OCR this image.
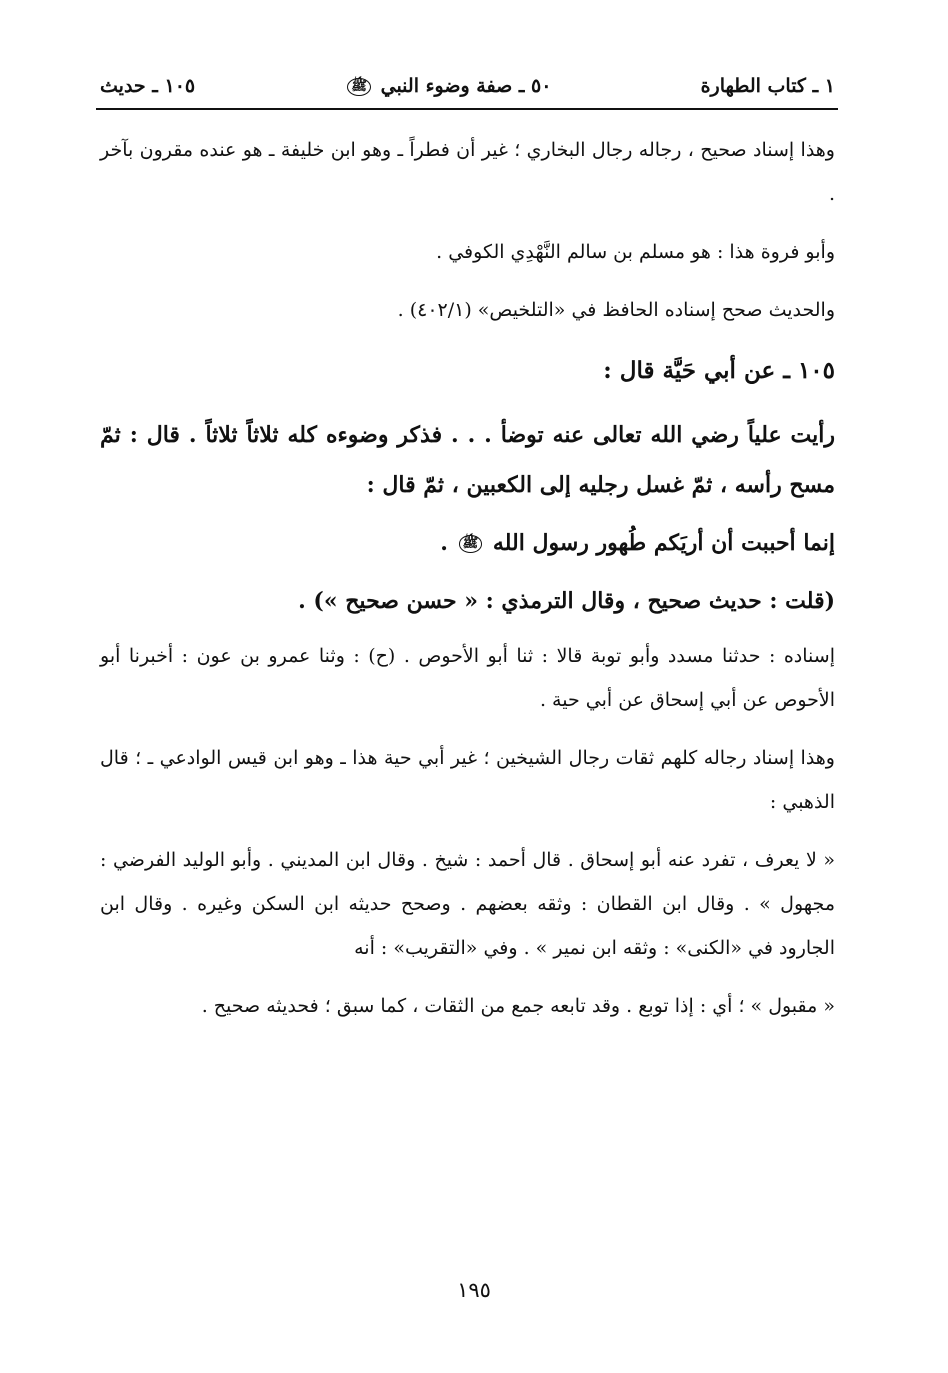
١ ـ كتاب الطهارة
٥٠ ـ صفة وضوء النبي ﷺ
١٠٥ ـ حديث

وهذا إسناد صحيح ، رجاله رجال البخاري ؛ غير أن فطراً ـ وهو ابن خليفة ـ هو عنده مقرون بآخر .

وأبو فروة هذا : هو مسلم بن سالم النَّهْدِي الكوفي .

والحديث صحح إسناده الحافظ في «التلخيص» (٤٠٢/١) .

١٠٥ ـ عن أبي حَيَّة قال :

رأيت علياً رضي الله تعالى عنه توضأ . . . فذكر وضوءه كله ثلاثاً ثلاثاً . قال : ثمّ مسح رأسه ، ثمّ غسل رجليه إلى الكعبين ، ثمّ قال :

إنما أحببت أن أريَكم طُهور رسول الله ﷺ .

(قلت : حديث صحيح ، وقال الترمذي : « حسن صحيح ») .

إسناده : حدثنا مسدد وأبو توبة قالا : ثنا أبو الأحوص . (ح) : وثنا عمرو بن عون : أخبرنا أبو الأحوص عن أبي إسحاق عن أبي حية .

وهذا إسناد رجاله كلهم ثقات رجال الشيخين ؛ غير أبي حية هذا ـ وهو ابن قيس الوادعي ـ ؛ قال الذهبي :

« لا يعرف ، تفرد عنه أبو إسحاق . قال أحمد : شيخ . وقال ابن المديني . وأبو الوليد الفرضي : مجهول » . وقال ابن القطان : وثقه بعضهم . وصحح حديثه ابن السكن وغيره . وقال ابن الجارود في «الكنى» : وثقه ابن نمير » . وفي «التقريب» : أنه

« مقبول » ؛ أي : إذا توبع . وقد تابعه جمع من الثقات ، كما سبق ؛ فحديثه صحيح .

١٩٥
